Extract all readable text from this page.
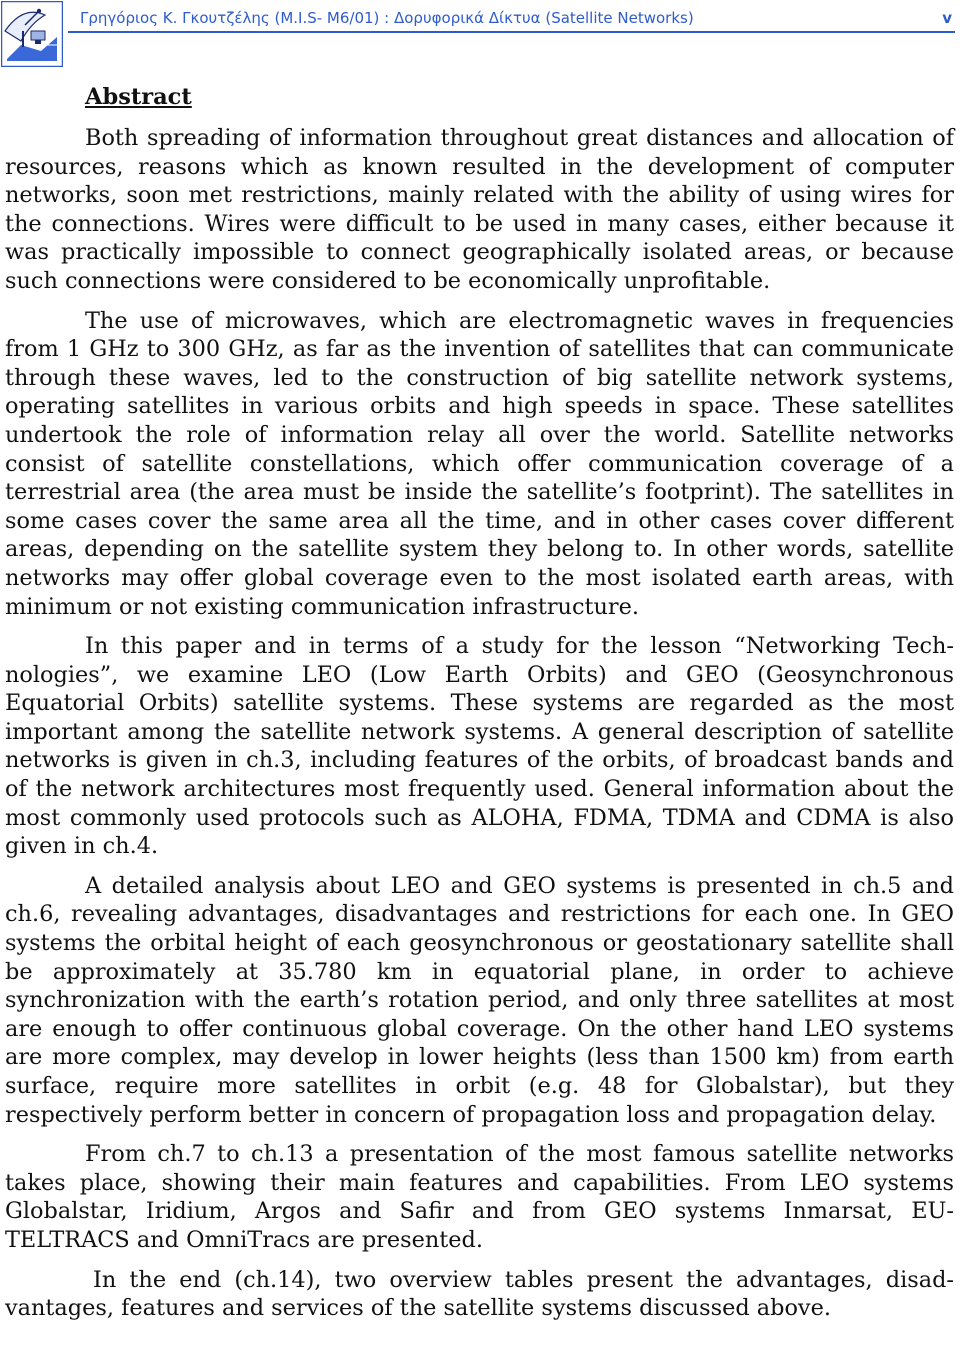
Γρηγόριος Κ. Γκουτζέλης (Μ.Ι.S- Μ6/01) : Δορυφορικά Δίκτυα (Satellite Networks)	v
Abstract

Both spreading of information throughout great distances and allocation of resources, reasons which as known resulted in the development of computer networks, soon met restrictions, mainly related with the ability of using wires for the connections. Wires were difficult to be used in many cases, either because it was practically impossible to connect geographically isolated areas, or because such connections were considered to be economically unprofitable.

The use of microwaves, which are electromagnetic waves in frequencies from 1 GHz to 300 GHz, as far as the invention of satellites that can communicate through these waves, led to the construction of big satellite network systems, operating satellites in various orbits and high speeds in space. These satellites undertook the role of information relay all over the world. Satellite networks consist of satellite constellations, which offer communication coverage of a terrestrial area (the area must be inside the satellite’s footprint). The satellites in some cases cover the same area all the time, and in other cases cover different areas, depending on the satellite system they belong to. In other words, satellite networks may offer global coverage even to the most isolated earth areas, with minimum or not existing communication infrastructure.

In this paper and in terms of a study for the lesson “Networking Technologies”, we examine LEO (Low Earth Orbits) and GEO (Geosynchronous Equatorial Orbits) satellite systems. These systems are regarded as the most important among the satellite network systems. A general description of satellite networks is given in ch.3, including features of the orbits, of broadcast bands and of the network architectures most frequently used. General information about the most commonly used protocols such as ALOHA, FDMA, TDMA and CDMA is also given in ch.4.

A detailed analysis about LEO and GEO systems is presented in ch.5 and ch.6, revealing advantages, disadvantages and restrictions for each one. In GEO systems the orbital height of each geosynchronous or geostationary satellite shall be approximately at 35.780 km in equatorial plane, in order to achieve synchronization with the earth’s rotation period, and only three satellites at most are enough to offer continuous global coverage. On the other hand LEO systems are more complex, may develop in lower heights (less than 1500 km) from earth surface, require more satellites in orbit (e.g. 48 for Globalstar), but they respectively perform better in concern of propagation loss and propagation delay.

From ch.7 to ch.13 a presentation of the most famous satellite networks takes place, showing their main features and capabilities. From LEO systems Globalstar, Iridium, Argos and Safir and from GEO systems Inmarsat, EUTELTRACS and OmniTracs are presented.

In the end (ch.14), two overview tables present the advantages, disadvantages, features and services of the satellite systems discussed above.
